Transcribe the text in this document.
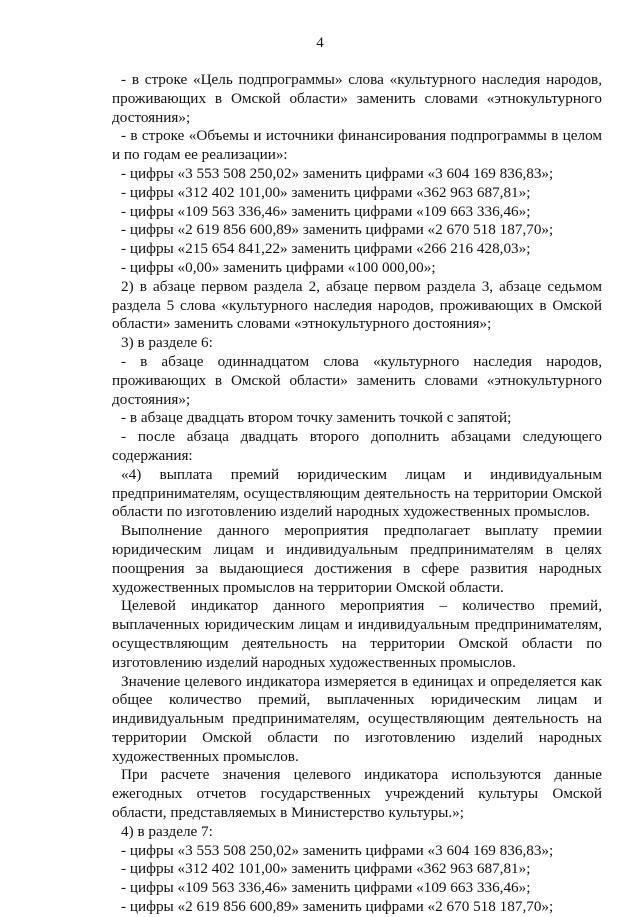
4

- в строке «Цель подпрограммы» слова «культурного наследия народов, проживающих в Омской области» заменить словами «этнокультурного достояния»;

- в строке «Объемы и источники финансирования подпрограммы в целом и по годам ее реализации»:

- цифры «3 553 508 250,02» заменить цифрами «3 604 169 836,83»;

- цифры «312 402 101,00» заменить цифрами «362 963 687,81»;

- цифры «109 563 336,46» заменить цифрами «109 663 336,46»;

- цифры «2 619 856 600,89» заменить цифрами «2 670 518 187,70»;

- цифры «215 654 841,22» заменить цифрами «266 216 428,03»;

- цифры «0,00» заменить цифрами «100 000,00»;

2) в абзаце первом раздела 2, абзаце первом раздела 3, абзаце седьмом раздела 5 слова «культурного наследия народов, проживающих в Омской области» заменить словами «этнокультурного достояния»;

3) в разделе 6:

- в абзаце одиннадцатом слова «культурного наследия народов, проживающих в Омской области» заменить словами «этнокультурного достояния»;

- в абзаце двадцать втором точку заменить точкой с запятой;

- после абзаца двадцать второго дополнить абзацами следующего содержания:

«4) выплата премий юридическим лицам и индивидуальным предпринимателям, осуществляющим деятельность на территории Омской области по изготовлению изделий народных художественных промыслов.

Выполнение данного мероприятия предполагает выплату премии юридическим лицам и индивидуальным предпринимателям в целях поощрения за выдающиеся достижения в сфере развития народных художественных промыслов на территории Омской области.

Целевой индикатор данного мероприятия – количество премий, выплаченных юридическим лицам и индивидуальным предпринимателям, осуществляющим деятельность на территории Омской области по изготовлению изделий народных художественных промыслов.

Значение целевого индикатора измеряется в единицах и определяется как общее количество премий, выплаченных юридическим лицам и индивидуальным предпринимателям, осуществляющим деятельность на территории Омской области по изготовлению изделий народных художественных промыслов.

При расчете значения целевого индикатора используются данные ежегодных отчетов государственных учреждений культуры Омской области, представляемых в Министерство культуры.»;

4) в разделе 7:

- цифры «3 553 508 250,02» заменить цифрами «3 604 169 836,83»;

- цифры «312 402 101,00» заменить цифрами «362 963 687,81»;

- цифры «109 563 336,46» заменить цифрами «109 663 336,46»;

- цифры «2 619 856 600,89» заменить цифрами «2 670 518 187,70»;
